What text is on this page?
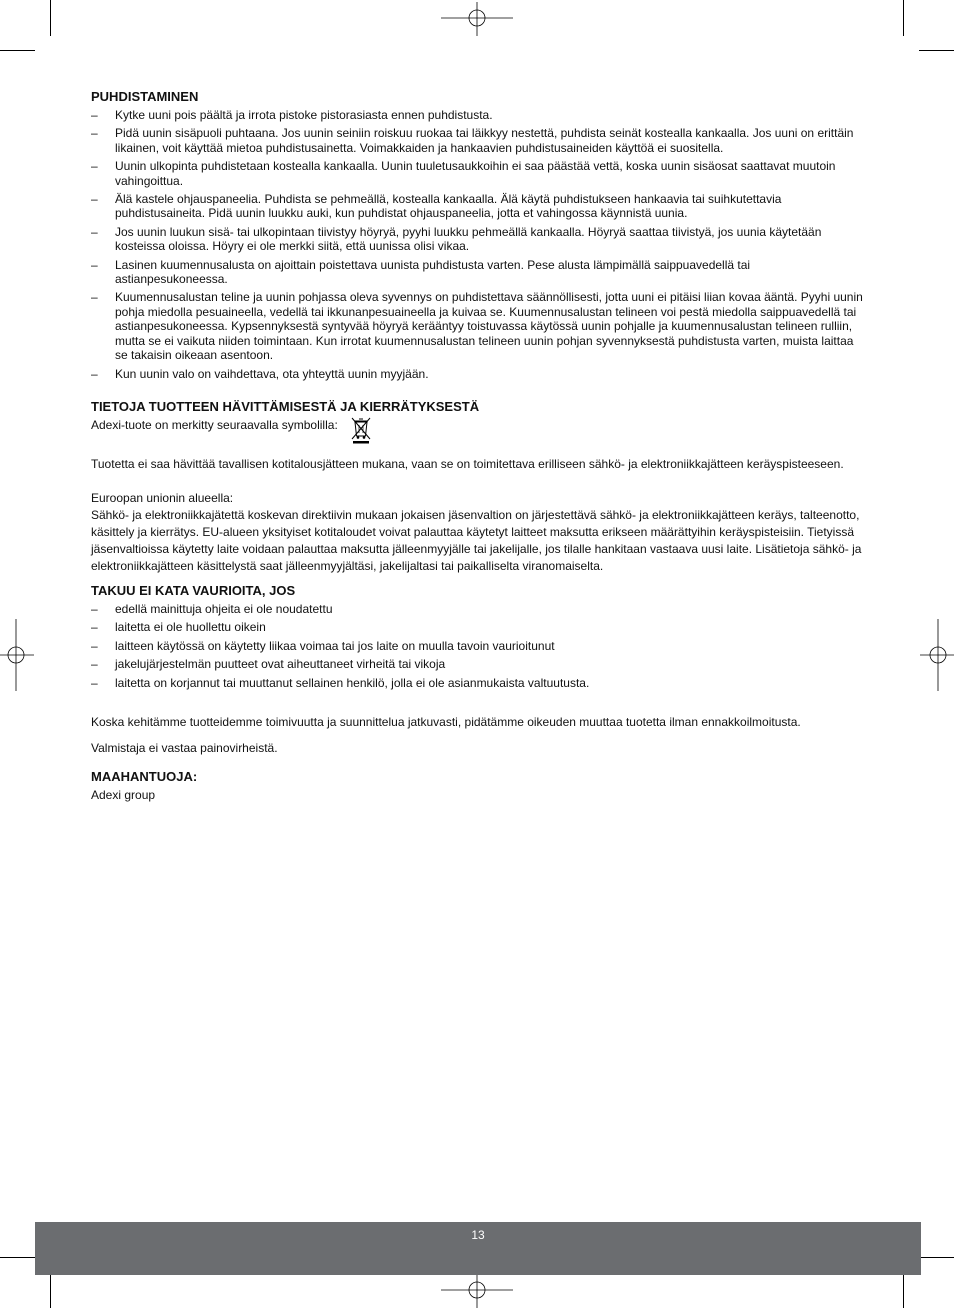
PUHDISTAMINEN
– Kytke uuni pois päältä ja irrota pistoke pistorasiasta ennen puhdistusta.
– Pidä uunin sisäpuoli puhtaana. Jos uunin seiniin roiskuu ruokaa tai läikkyy nestettä, puhdista seinät kostealla kankaalla. Jos uuni on erittäin likainen, voit käyttää mietoa puhdistusainetta. Voimakkaiden ja hankaavien puhdistusaineiden käyttöä ei suositella.
– Uunin ulkopinta puhdistetaan kostealla kankaalla. Uunin tuuletusaukkoihin ei saa päästää vettä, koska uunin sisäosat saattavat muutoin vahingoittua.
– Älä kastele ohjauspaneelia. Puhdista se pehmeällä, kostealla kankaalla. Älä käytä puhdistukseen hankaavia tai suihkutettavia puhdistusaineita. Pidä uunin luukku auki, kun puhdistat ohjauspaneelia, jotta et vahingossa käynnistä uunia.
– Jos uunin luukun sisä- tai ulkopintaan tiivistyy höyryä, pyyhi luukku pehmeällä kankaalla. Höyryä saattaa tiivistyä, jos uunia käytetään kosteissa oloissa. Höyry ei ole merkki siitä, että uunissa olisi vikaa.
– Lasinen kuumennusalusta on ajoittain poistettava uunista puhdistusta varten. Pese alusta lämpimällä saippuavedellä tai astianpesukoneessa.
– Kuumennusalustan teline ja uunin pohjassa oleva syvennys on puhdistettava säännöllisesti, jotta uuni ei pitäisi liian kovaa ääntä. Pyyhi uunin pohja miedolla pesuaineella, vedellä tai ikkunanpesuaineella ja kuivaa se. Kuumennusalustan telineen voi pestä miedolla saippuavedellä tai astianpesukoneessa. Kypsennyksestä syntyvää höyryä kerääntyy toistuvassa käytössä uunin pohjalle ja kuumennusalustan telineen rulliin, mutta se ei vaikuta niiden toimintaan. Kun irrotat kuumennusalustan telineen uunin pohjan syvennyksestä puhdistusta varten, muista laittaa se takaisin oikeaan asentoon.
– Kun uunin valo on vaihdettava, ota yhteyttä uunin myyjään.
TIETOJA TUOTTEEN HÄVITTÄMISESTÄ JA KIERRÄTYKSESTÄ
Adexi-tuote on merkitty seuraavalla symbolilla:

Tuotetta ei saa hävittää tavallisen kotitalousjätteen mukana, vaan se on toimitettava erilliseen sähkö- ja elektroniikkajätteen keräyspisteeseen.

Euroopan unionin alueella:

Sähkö- ja elektroniikkajätettä koskevan direktiivin mukaan jokaisen jäsenvaltion on järjestettävä sähkö- ja elektroniikkajätteen keräys, talteenotto, käsittely ja kierrätys. EU-alueen yksityiset kotitaloudet voivat palauttaa käytetyt laitteet maksutta erikseen määrättyihin keräyspisteisiin. Tietyissä jäsenvaltioissa käytetty laite voidaan palauttaa maksutta jälleenmyyjälle tai jakelijalle, jos tilalle hankitaan vastaava uusi laite. Lisätietoja sähkö- ja elektroniikkajätteen käsittelystä saat jälleenmyyjältäsi, jakelijaltasi tai paikalliselta viranomaiselta.

TAKUU EI KATA VAURIOITA, JOS
– edellä mainittuja ohjeita ei ole noudatettu
– laitetta ei ole huollettu oikein
– laitteen käytössä on käytetty liikaa voimaa tai jos laite on muulla tavoin vaurioitunut
– jakelujärjestelmän puutteet ovat aiheuttaneet virheitä tai vikoja
– laitetta on korjannut tai muuttanut sellainen henkilö, jolla ei ole asianmukaista valtuutusta.

Koska kehitämme tuotteidemme toimivuutta ja suunnittelua jatkuvasti, pidätämme oikeuden muuttaa tuotetta ilman ennakkoilmoitusta.

Valmistaja ei vastaa painovirheistä.

MAAHANTUOJA:

Adexi group

13
